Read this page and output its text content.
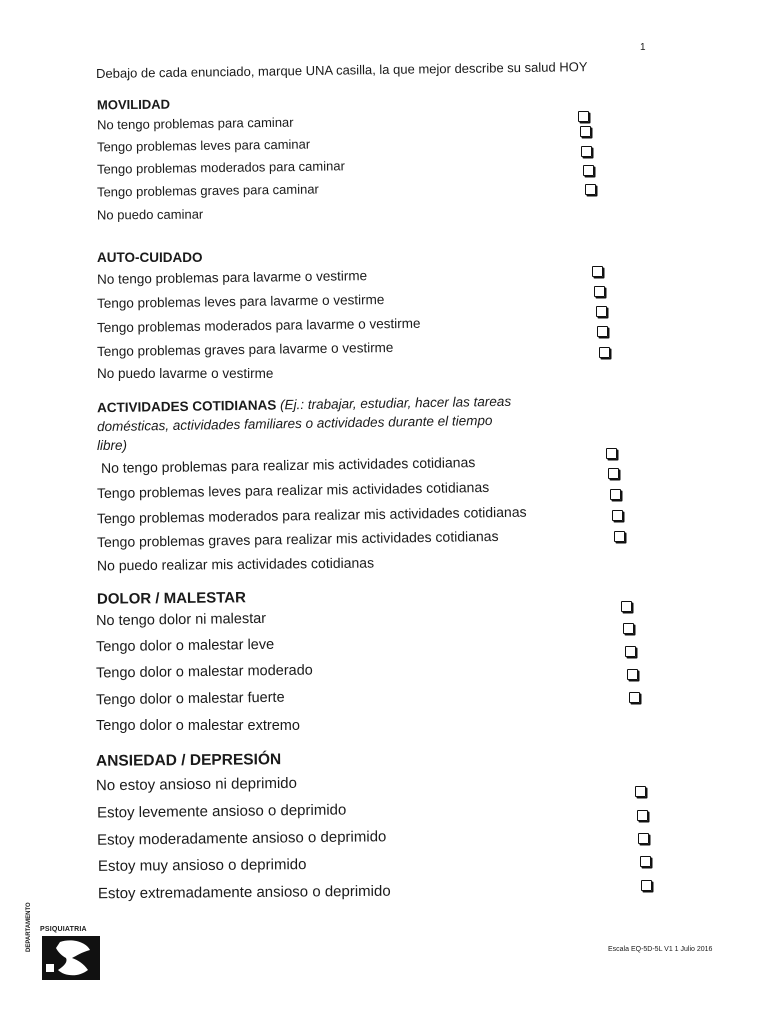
1
Debajo de cada enunciado, marque UNA casilla, la que mejor describe su salud HOY
MOVILIDAD
No tengo problemas para caminar
Tengo problemas leves para caminar
Tengo problemas moderados para caminar
Tengo problemas graves para caminar
No puedo caminar
AUTO-CUIDADO
No tengo problemas para lavarme o vestirme
Tengo problemas leves para lavarme o vestirme
Tengo problemas moderados para lavarme o vestirme
Tengo problemas graves para lavarme o vestirme
No puedo lavarme o vestirme
ACTIVIDADES COTIDIANAS (Ej.: trabajar, estudiar, hacer las tareas
domésticas, actividades familiares o actividades durante el tiempo
libre)
No tengo problemas para realizar mis actividades cotidianas
Tengo problemas leves para realizar mis actividades cotidianas
Tengo problemas moderados para realizar mis actividades cotidianas
Tengo problemas graves para realizar mis actividades cotidianas
No puedo realizar mis actividades cotidianas
DOLOR / MALESTAR
No tengo dolor ni malestar
Tengo dolor o malestar leve
Tengo dolor o malestar moderado
Tengo dolor o malestar fuerte
Tengo dolor o malestar extremo
ANSIEDAD / DEPRESIÓN
No estoy ansioso ni deprimido
Estoy levemente ansioso o deprimido
Estoy moderadamente ansioso o deprimido
Estoy muy ansioso o deprimido
Estoy extremadamente ansioso o deprimido
PSIQUIATRIA
DEPARTAMENTO	Escala EQ-5D-5L V1 1 Julio 2016
